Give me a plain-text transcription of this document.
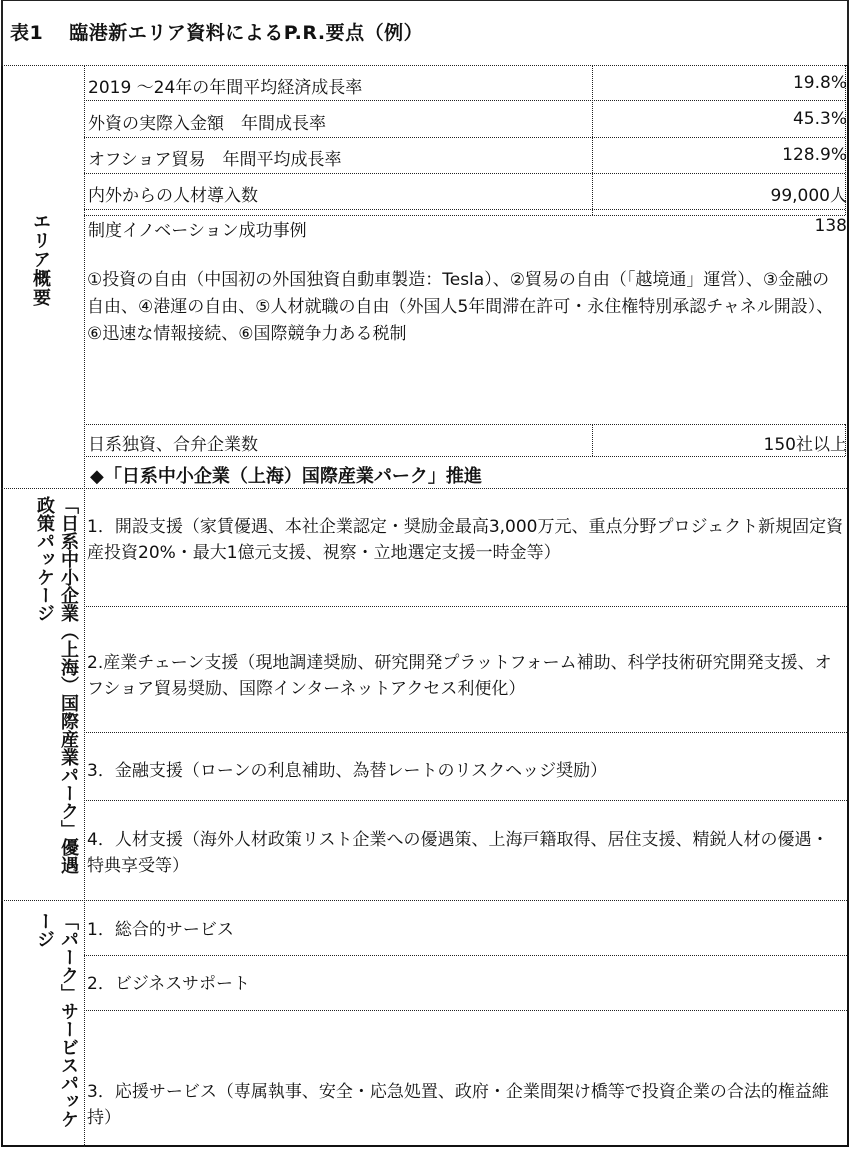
表1 臨港新エリア資料によるP.R.要点（例）
エリア概要
2019 ～24年の年間平均経済成長率	19.8%
外資の実際入金額　年間成長率	45.3%
オフショア貿易　年間平均成長率	128.9%
内外からの人材導入数	99,000人
制度イノベーション成功事例	138
①投資の自由（中国初の外国独資自動車製造：Tesla）、②貿易の自由（「越境通」運営）、③金融の自由、④港運の自由、⑤人材就職の自由（外国人5年間滞在許可・永住権特別承認チャネル開設）、⑥迅速な情報接続、⑥国際競争力ある税制
日系独資、合弁企業数	150社以上
◆「日系中小企業（上海）国際産業パーク」推進
「日系中小企業（上海）国際産業パーク」優遇政策パッケージ	1．開設支援（家賃優遇、本社企業認定・奨励金最高3,000万元、重点分野プロジェクト新規固定資産投資20%・最大1億元支援、視察・立地選定支援一時金等）
2.産業チェーン支援（現地調達奨励、研究開発プラットフォーム補助、科学技術研究開発支援、オフショア貿易奨励、国際インターネットアクセス利便化）
3．金融支援（ローンの利息補助、為替レートのリスクヘッジ奨励）
4．人材支援（海外人材政策リスト企業への優遇策、上海戸籍取得、居住支援、精鋭人材の優遇・特典享受等）
「パーク」サービスパッケージ	1．総合的サービス
2．ビジネスサポート
3．応援サービス（専属執事、安全・応急処置、政府・企業間架け橋等で投資企業の合法的権益維持）
